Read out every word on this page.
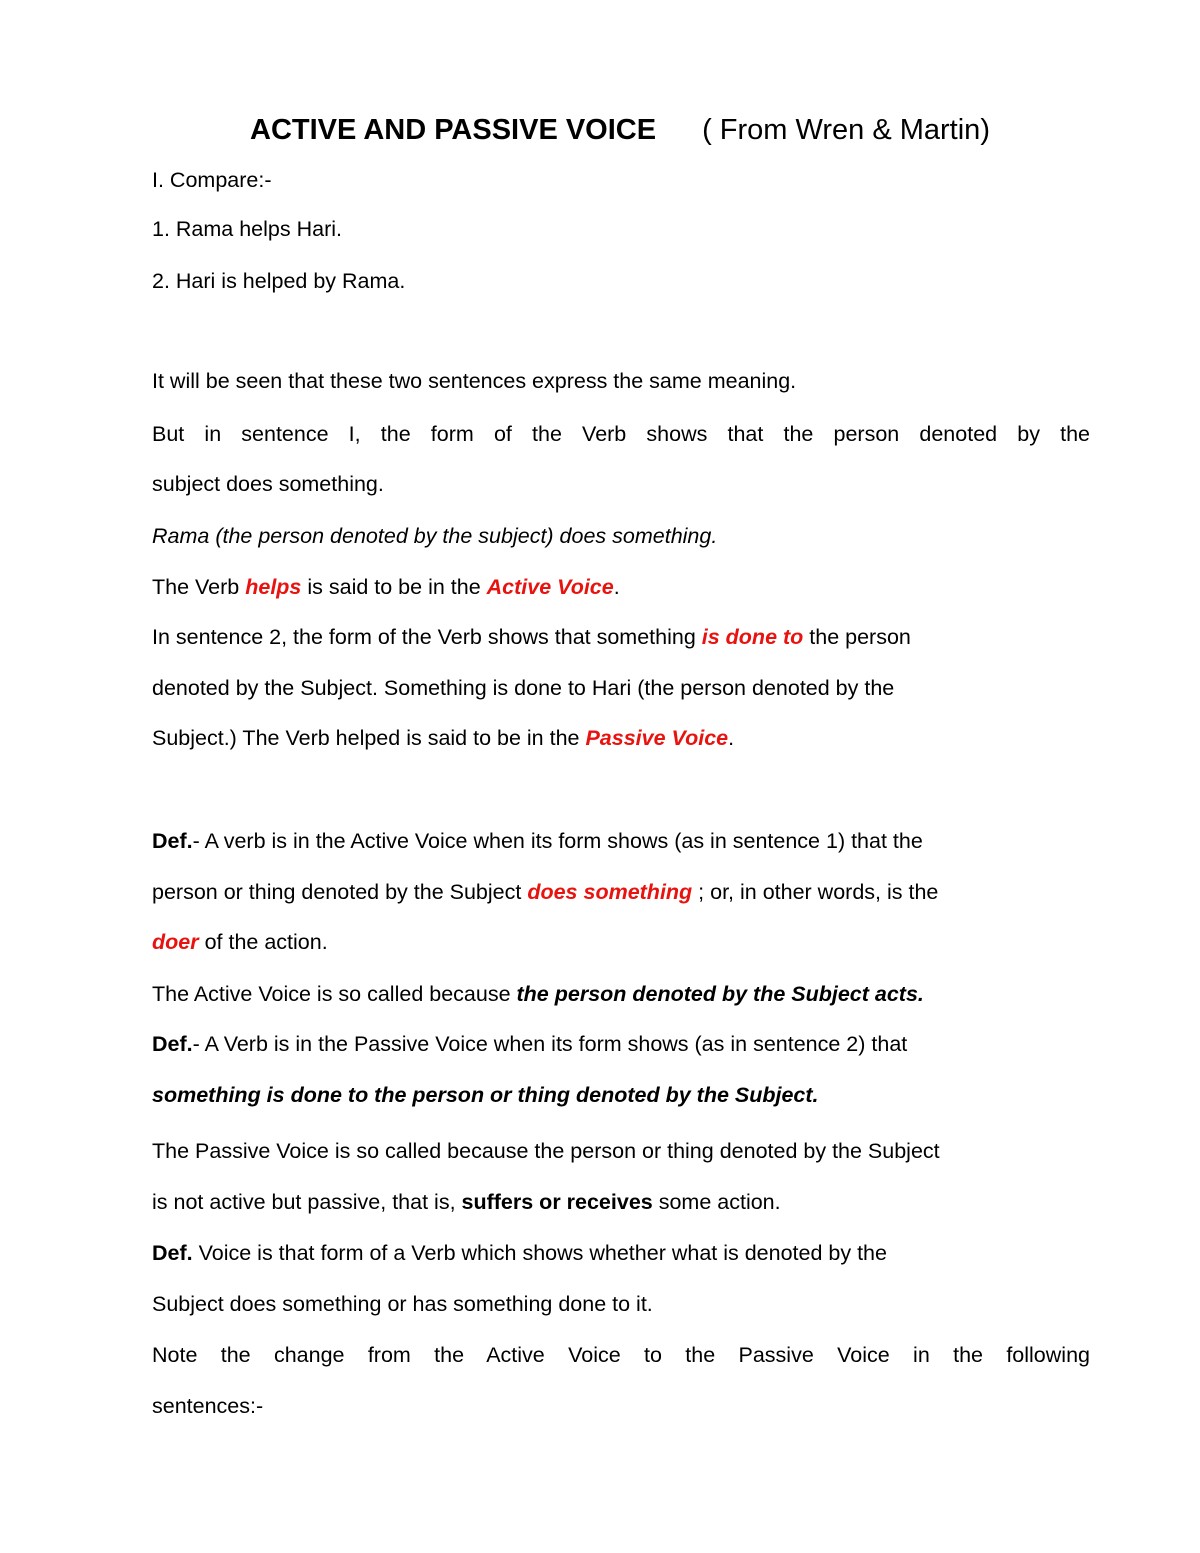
ACTIVE AND PASSIVE VOICE ( From Wren & Martin)
I. Compare:-
1. Rama helps Hari.
2. Hari is helped by Rama.
It will be seen that these two sentences express the same meaning.
But in sentence I, the form of the Verb shows that the person denoted by the
subject does something.
Rama (the person denoted by the subject) does something.
The Verb helps is said to be in the Active Voice.
In sentence 2, the form of the Verb shows that something is done to the person
denoted by the Subject. Something is done to Hari (the person denoted by the
Subject.) The Verb helped is said to be in the Passive Voice.
Def.- A verb is in the Active Voice when its form shows (as in sentence 1) that the
person or thing denoted by the Subject does something ; or, in other words, is the
doer of the action.
The Active Voice is so called because the person denoted by the Subject acts.
Def.- A Verb is in the Passive Voice when its form shows (as in sentence 2) that
something is done to the person or thing denoted by the Subject.
The Passive Voice is so called because the person or thing denoted by the Subject
is not active but passive, that is, suffers or receives some action.
Def. Voice is that form of a Verb which shows whether what is denoted by the
Subject does something or has something done to it.
Note the change from the Active Voice to the Passive Voice in the following
sentences:-
